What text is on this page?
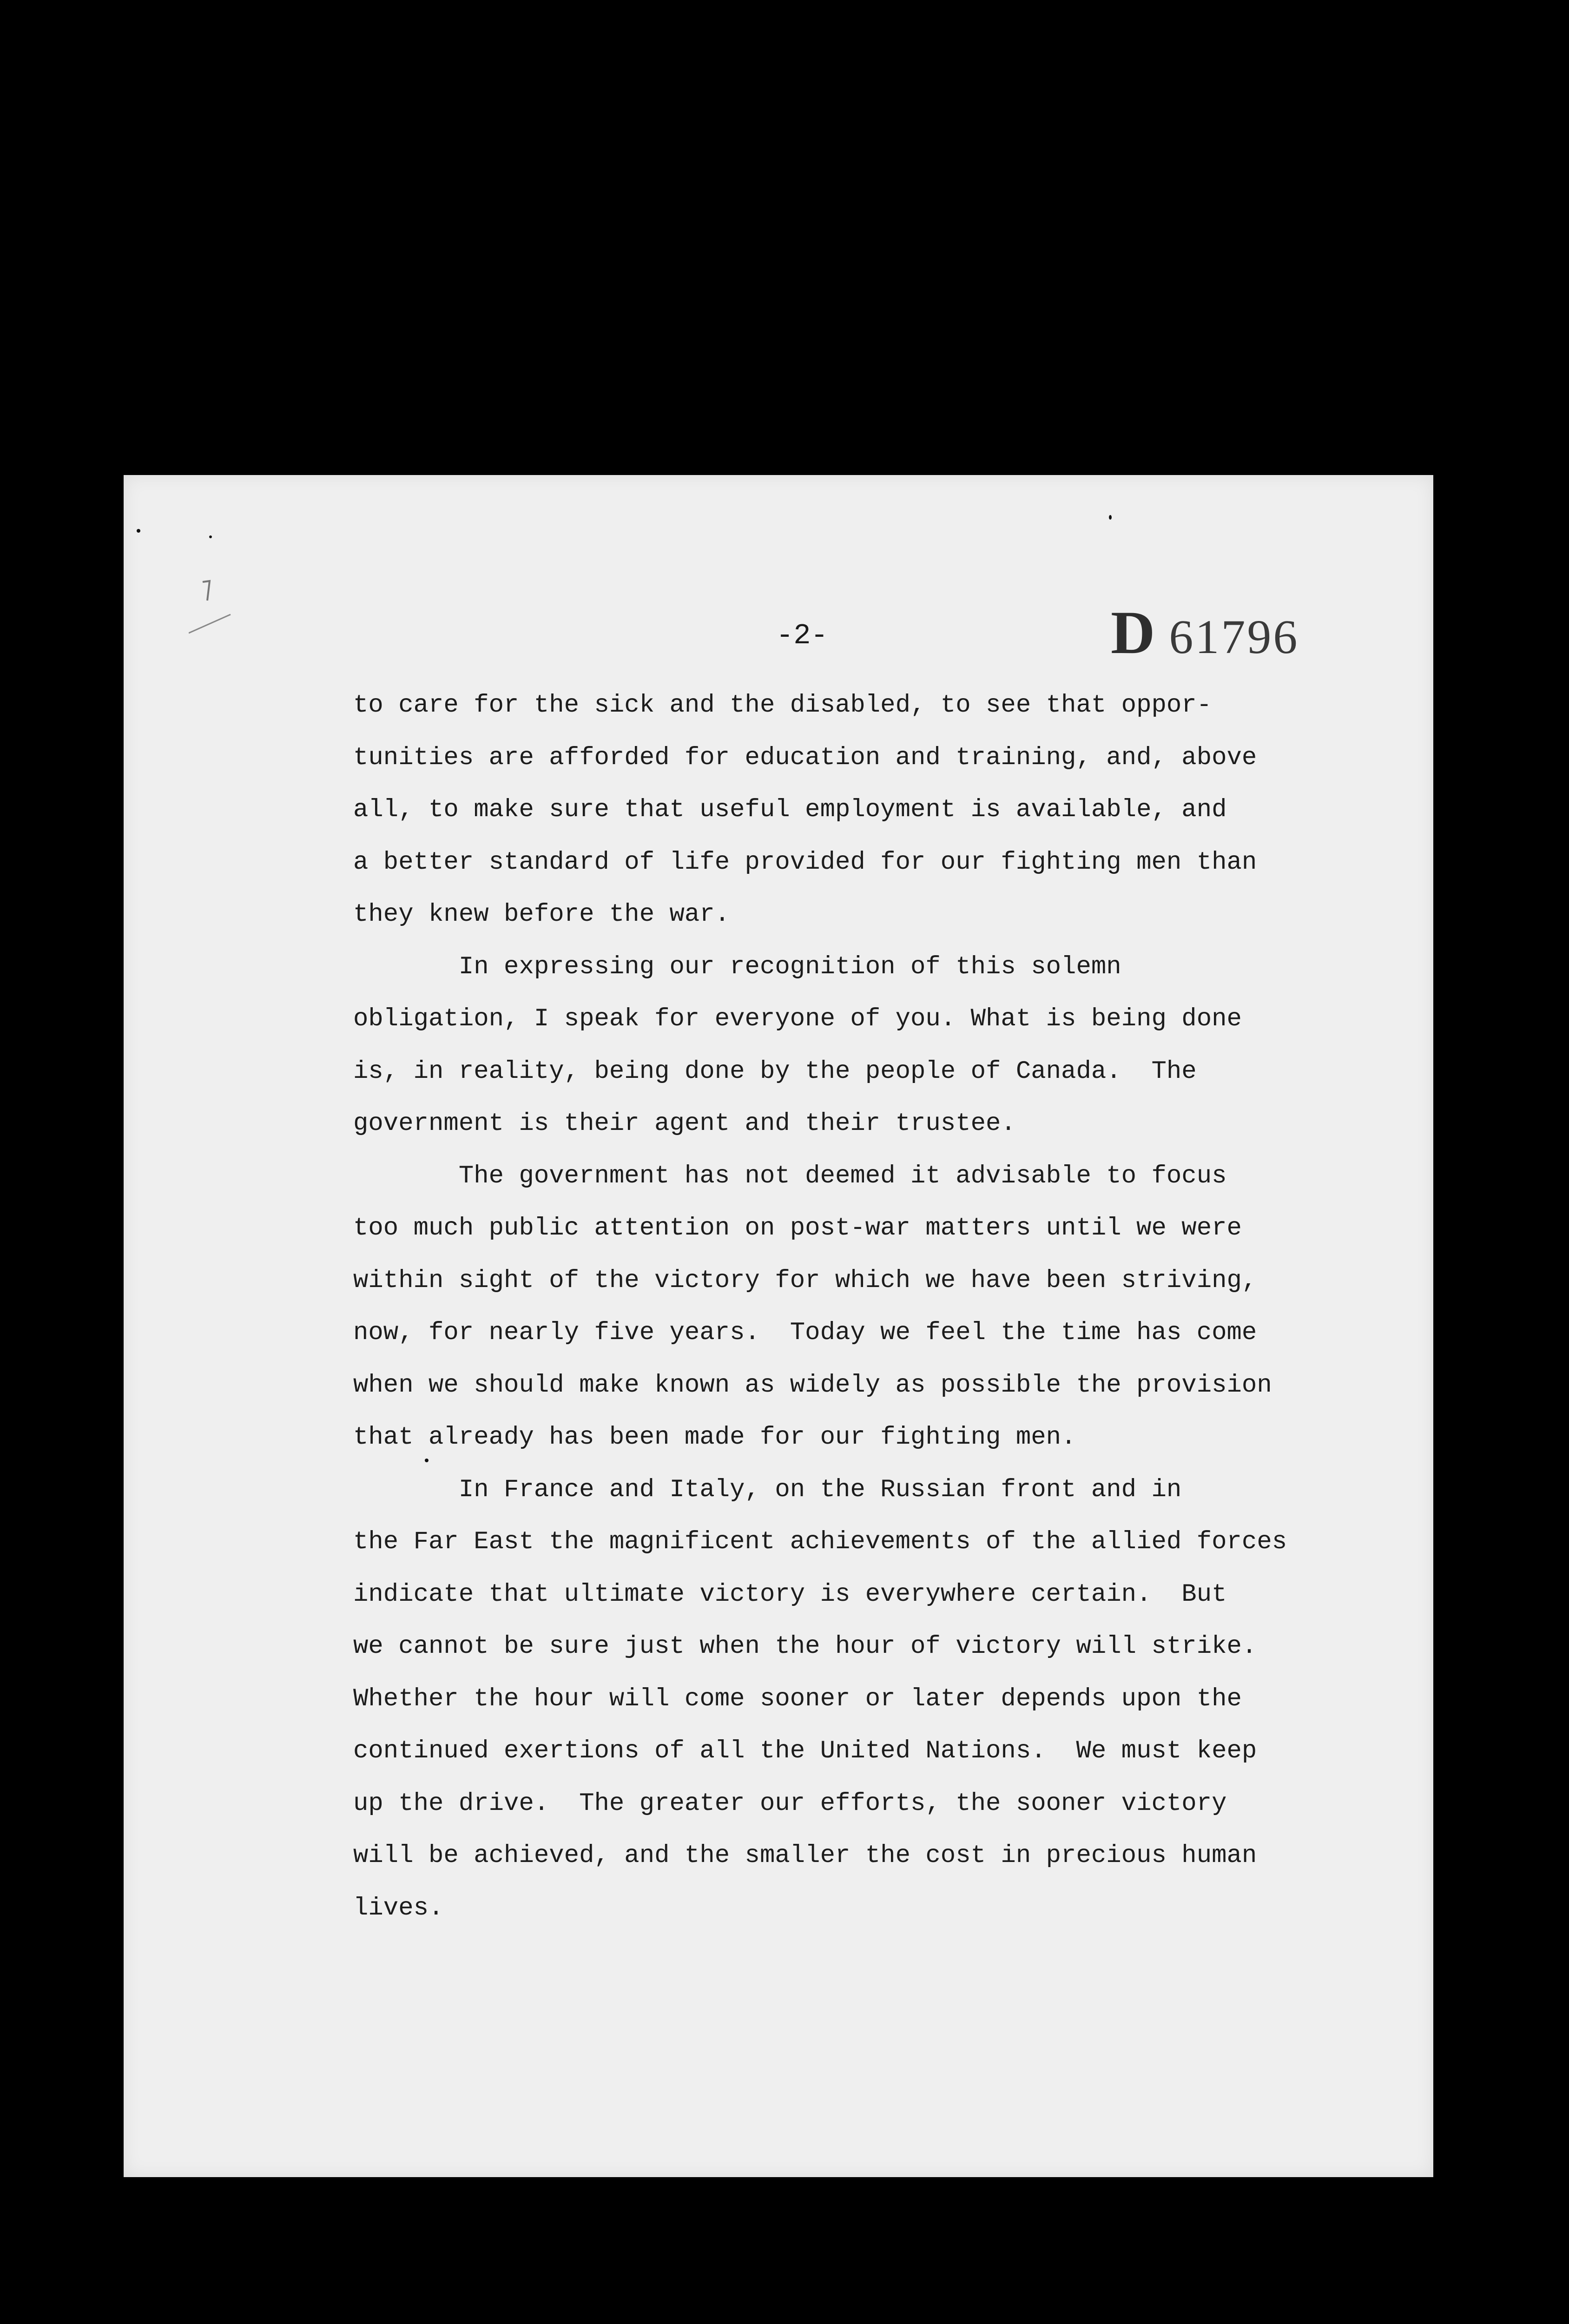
-2-	D 61796
to care for the sick and the disabled, to see that oppor-
tunities are afforded for education and training, and, above
all, to make sure that useful employment is available, and
a better standard of life provided for our fighting men than
they knew before the war.
In expressing our recognition of this solemn
obligation, I speak for everyone of you. What is being done
is, in reality, being done by the people of Canada.  The
government is their agent and their trustee.
The government has not deemed it advisable to focus
too much public attention on post-war matters until we were
within sight of the victory for which we have been striving,
now, for nearly five years.  Today we feel the time has come
when we should make known as widely as possible the provision
that already has been made for our fighting men.
In France and Italy, on the Russian front and in
the Far East the magnificent achievements of the allied forces
indicate that ultimate victory is everywhere certain.  But
we cannot be sure just when the hour of victory will strike.
Whether the hour will come sooner or later depends upon the
continued exertions of all the United Nations.  We must keep
up the drive.  The greater our efforts, the sooner victory
will be achieved, and the smaller the cost in precious human
lives.
